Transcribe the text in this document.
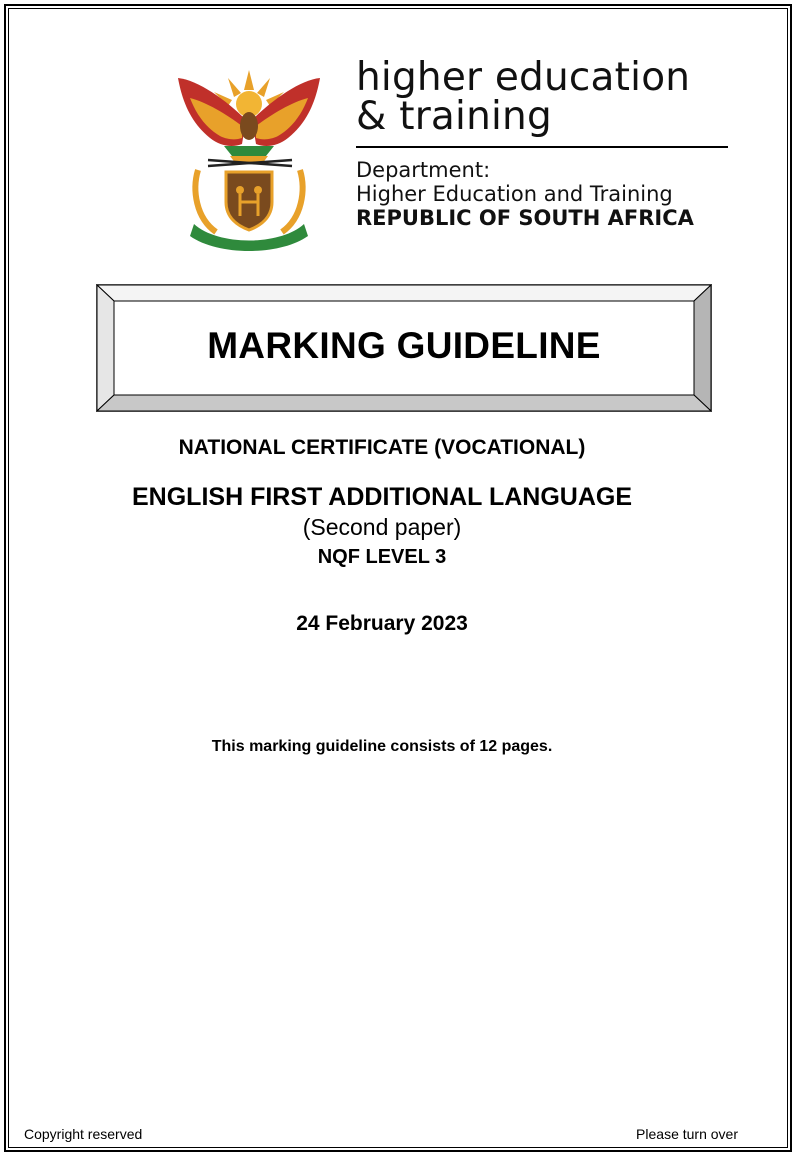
higher education
& training
Department:
Higher Education and Training
REPUBLIC OF SOUTH AFRICA
MARKING GUIDELINE
NATIONAL CERTIFICATE (VOCATIONAL)
ENGLISH FIRST ADDITIONAL LANGUAGE
(Second paper)
NQF LEVEL 3
24 February 2023
This marking guideline consists of 12 pages.
Copyright reserved	Please turn over
